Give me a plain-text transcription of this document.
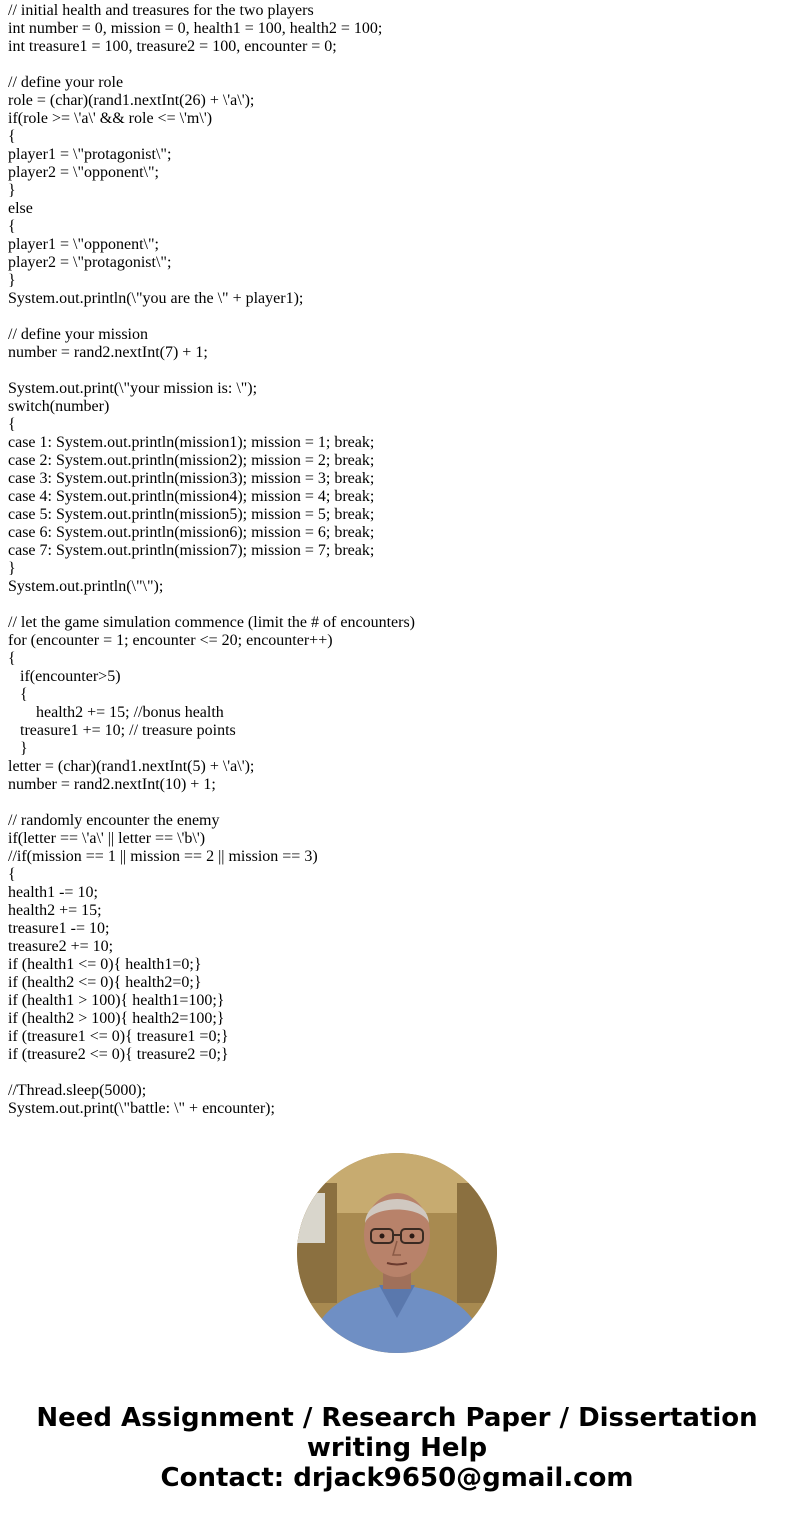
// initial health and treasures for the two players
int number = 0, mission = 0, health1 = 100, health2 = 100;
int treasure1 = 100, treasure2 = 100, encounter = 0;
// define your role
role = (char)(rand1.nextInt(26) + \'a\');
if(role >= \'a\' && role <= \'m\')
{
player1 = \"protagonist\";
player2 = \"opponent\";
}
else
{
player1 = \"opponent\";
player2 = \"protagonist\";
}
System.out.println(\"you are the \" + player1);
// define your mission
number = rand2.nextInt(7) + 1;
System.out.print(\"your mission is: \");
switch(number)
{
case 1: System.out.println(mission1); mission = 1; break;
case 2: System.out.println(mission2); mission = 2; break;
case 3: System.out.println(mission3); mission = 3; break;
case 4: System.out.println(mission4); mission = 4; break;
case 5: System.out.println(mission5); mission = 5; break;
case 6: System.out.println(mission6); mission = 6; break;
case 7: System.out.println(mission7); mission = 7; break;
}
System.out.println(\"\");
// let the game simulation commence (limit the # of encounters)
for (encounter = 1; encounter <= 20; encounter++)
{
if(encounter>5)
{
health2 += 15; //bonus health
treasure1 += 10; // treasure points
}
letter = (char)(rand1.nextInt(5) + \'a\');
number = rand2.nextInt(10) + 1;
// randomly encounter the enemy
if(letter == \'a\' || letter == \'b\')
//if(mission == 1 || mission == 2 || mission == 3)
{
health1 -= 10;
health2 += 15;
treasure1 -= 10;
treasure2 += 10;
if (health1 <= 0){ health1=0;}
if (health2 <= 0){ health2=0;}
if (health1 > 100){ health1=100;}
if (health2 > 100){ health2=100;}
if (treasure1 <= 0){ treasure1 =0;}
if (treasure2 <= 0){ treasure2 =0;}
//Thread.sleep(5000);
System.out.print(\"battle: \" + encounter);
Need Assignment / Research Paper / Dissertation
writing Help
Contact: drjack9650@gmail.com
